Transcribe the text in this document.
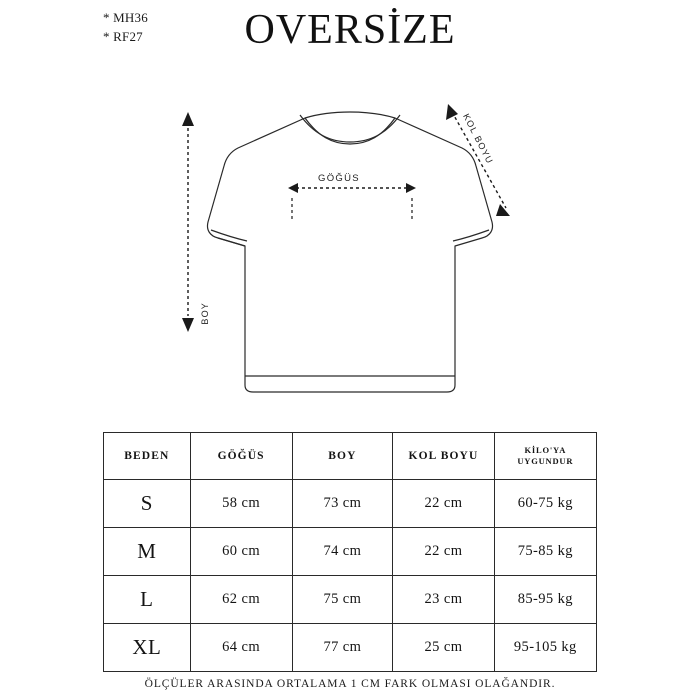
* MH36
* RF27	OVERSİZE
BOY
GÖĞÜS
KOL BOYU
BEDEN	GÖĞÜS	BOY	KOL BOYU	KİLO'YA
UYGUNDUR

S	58 cm	73 cm	22 cm	60-75 kg
M	60 cm	74 cm	22 cm	75-85 kg
L	62 cm	75 cm	23 cm	85-95 kg
XL	64 cm	77 cm	25 cm	95-105 kg
ÖLÇÜLER ARASINDA ORTALAMA 1 CM FARK OLMASI OLAĞANDIR.
